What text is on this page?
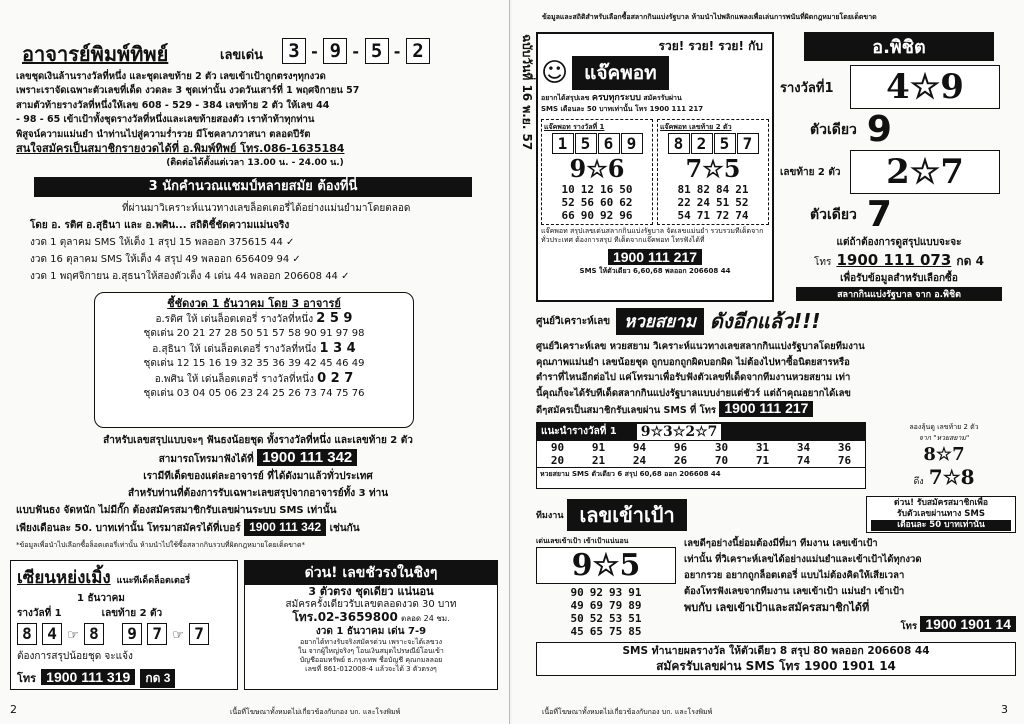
อาจารย์พิมพ์ทิพย์	เลขเด่น	3 - 9 - 5 - 2
เลขชุดเงินล้านรางวัลที่หนึ่ง และชุดเลขท้าย 2 ตัว เลขเข้าเป้าถูกตรงๆทุกงวด
เพราะเราจัดเฉพาะตัวเลขที่เด็ด งวดละ 3 ชุดเท่านั้น งวดวันเสาร์ที่ 1 พฤศจิกายน 57
สามตัวท้ายรางวัลที่หนึ่งให้เลข 608 - 529 - 384 เลขท้าย 2 ตัว ให้เลข 44
- 98 - 65 เข้าเป้าทั้งชุดรางวัลที่หนึ่งและเลขท้ายสองตัว เราท้าท้าทุกท่าน
พิสูจน์ความแม่นยำ นำท่านไปสู่ความร่ำรวย มีโชคลาภวาสนา ตลอดปีรัต
สนใจสมัครเป็นสมาชิกรายงวดได้ที่ อ.พิมพ์ทิพย์ โทร.086-1635184
(ติดต่อได้ตั้งแต่เวลา 13.00 น. - 24.00 น.)
3 นักคำนวณแชมป์หลายสมัย ต้องที่นี่
ที่ผ่านมาวิเคราะห์แนวทางเลขล็อตเตอรี่ได้อย่างแม่นยำมาโดยตลอด
โดย อ. รติศ อ.สุธินา และ อ.พศิน... สถิติชี้ชัดความแม่นจริง
งวด 1 ตุลาคม SMS ให้เต็ง 1 สรุป 15 พลออก 375615 44 ✓
งวด 16 ตุลาคม SMS ให้เต็ง 4 สรุป 49 พลออก 656409 94 ✓
งวด 1 พฤศจิกายน อ.สุธนาให้สองตัวเต็ง 4 เด่น 44 พลออก 206608 44 ✓
ชี้ชัดงวด 1 ธันวาคม โดย 3 อาจารย์
อ.รติศ ให้ เด่นล็อตเตอรี่ รางวัลที่หนึ่ง 2 5 9
ชุดเด่น 20 21 27 28 50 51 57 58 90 91 97 98
อ.สุธินา ให้ เด่นล็อตเตอรี่ รางวัลที่หนึ่ง 1 3 4
ชุดเด่น 12 15 16 19 32 35 36 39 42 45 46 49
อ.พศิน ให้ เด่นล็อตเตอรี่ รางวัลที่หนึ่ง 0 2 7
ชุดเด่น 03 04 05 06 23 24 25 26 73 74 75 76
สำหรับเลขสรุปแบบจะๆ ฟันธงน้อยชุด ทั้งรางวัลที่หนึ่ง และเลขท้าย 2 ตัว
สามารถโทรมาฟังได้ที่ 1900 111 342
เรามีทีเด็ดของแต่ละอาจารย์ ที่ได้ดังมาแล้วทั่วประเทศ
สำหรับท่านที่ต้องการรับเฉพาะเลขสรุปจากอาจารย์ทั้ง 3 ท่าน
แบบฟันธง จัดหนัก ไม่มีกั๊ก ต้องสมัครสมาชิกรับเลขผ่านระบบ SMS เท่านั้น
เพียงเดือนละ 50. บาทเท่านั้น โทรมาสมัครได้ที่เบอร์ 1900 111 342 เช่นกัน
*ข้อมูลเพื่อนำไปเลือกซื้อล็อตเตอรี่เท่านั้น ห้ามนำไปใช้ซื้อสลากกินรวบที่ผิดกฎหมายโดยเด็ดขาด*
เซียนหย่งเมิ้ง แนะทีเด็ดล็อตเตอรี่
1 ธันวาคม
รางวัลที่ 1	เลขท้าย 2 ตัว
8 4 ☞ 8 9 7 ☞ 7
ต้องการสรุปน้อยชุด จะแจ้ง
โทร 1900 111 319 กด 3
ด่วน! เลขชัวรงในชิงๆ
3 ตัวตรง ชุดเดียว แน่นอน
สมัครครั้งเดียวรับเลขตลอดงวด 30 บาท
โทร.02-3659800 ตลอด 24 ชม.
งวด 1 ธันวาคม เด่น 7-9
อยากได้ทางรับจริงสมัครด่วน เพราะจะได้เลขวง
ใน จากผู้ใหญ่จริงๆ โอนเงินสมุดไปรษณีย์โอนเข้า
บัญชีออมทรัพย์ ธ.กรุงเทพ ชื่อบัญชี คุณกมลลอย
เลขที่ 861-012008-4 แล้วจะได้ 3 ตัวตรงๆ
2	เนื้อที่โฆษณาทั้งหมดไม่เกี่ยวข้องกับกอง บก. และโรงพิมพ์
ข้อมูลและสถิติสำหรับเลือกซื้อสลากกินแบ่งรัฐบาล ห้ามนำไปพลิกแพลงเพื่อเล่นการพนันที่ผิดกฎหมายโดยเด็ดขาด
ฉบับวันที่ 16 พ.ย. 57	รวย! รวย! รวย! กับ
☺ แจ๊คพอท
อยากได้สรุปเลข ครบทุกระบบ สมัครรับผ่าน
SMS เดือนละ 50 บาทเท่านั้น โทร 1900 111 217
แจ๊คพอท รางวัลที่ 1
1 5 6 9
9☆6
10	12	16	50
52	56	60	62
66	90	92	96
แจ๊คพอท เลขท้าย 2 ตัว
8 2 5 7
7☆5
81	82	84	21
22	24	51	52
54	71	72	74
แจ๊คพอท สรุปเลขเด่นสลากกินแบ่งรัฐบาล จัดเลขแม่นยำ รวบรวมทีเด็ดจากทั่วประเทศ ต้องการสรุป ทีเด็ดจากแจ๊คพอท โทรฟังได้ที่
1900 111 217
SMS ให้ตัวเดียว 6,60,68 พลออก 206608 44
อ.พิชิต
รางวัลที่1	4☆9
ตัวเดียว 9
เลขท้าย 2 ตัว	2☆7
ตัวเดียว 7
แต่ถ้าต้องการดูสรุปแบบจะจะ
โทร 1900 111 073 กด 4
เพื่อรับข้อมูลสำหรับเลือกซื้อ
สลากกินแบ่งรัฐบาล จาก อ.พิชิต
ศูนย์วิเคราะห์เลข หวยสยาม ดังอีกแล้ว!!!
ศูนย์วิเคราะห์เลข หวยสยาม วิเคราะห์แนวทางเลขสลากกินแบ่งรัฐบาลโดยทีมงาน
คุณภาพแม่นยำ เลขน้อยชุด ถูกบอกถูกผิดบอกผิด ไม่ต้องไปหาซื้อนิตยสารหรือ
ตำราที่ไหนอีกต่อไป แค่โทรมาเพื่อรับฟังตัวเลขที่เด็ดจากทีมงานหวยสยาม เท่า
นี้คุณก็จะได้รับทีเด็ดสลากกินแบ่งรัฐบาลแบบง่ายแต่ชัวร์ แต่ถ้าคุณอยากได้เลข
ดีๆสมัครเป็นสมาชิกรับเลขผ่าน SMS ที่ โทร 1900 111 217
แนะนำรางวัลที่ 1 9☆3☆2☆7
90	91	94	96	30	31	34	36
20	21	24	26	70	71	74	76
หวยสยาม SMS ตัวเดียว 6 สรุป 60,68 ออก 206608 44
ลองลุ้นดู เลขท้าย 2 ตัว
จาก "หวยสยาม"
8☆7
ดึง 7☆8
ทีมงาน เลขเข้าเป้า	ด่วน! รับสมัครสมาชิกเพื่อ
รับตัวเลขผ่านทาง SMS
เดือนละ 50 บาทเท่านั้น
เด่นเลขเข้าเป้า เข้าเป้าแน่นอน
9☆5
90	92	93	91
49	69	79	89
50	52	53	51
45	65	75	85
เลขดีๆอย่างนี้ย่อมต้องมีที่มา ทีมงาน เลขเข้าเป้า
เท่านั้น ที่วิเคราะห์เลขได้อย่างแม่นยำและเข้าเป้าได้ทุกงวด
อยากรวย อยากถูกล็อตเตอรี่ แบบไม่ต้องคิดให้เสียเวลา
ต้องโทรฟังเลขจากทีมงาน เลขเข้าเป้า แม่นยำ เข้าเป้า
พบกับ เลขเข้าเป้าและสมัครสมาชิกได้ที่
โทร 1900 1901 14
SMS ทำนายผลรางวัล ให้ตัวเดียว 8 สรุป 80 พลออก 206608 44
สมัครรับเลขผ่าน SMS โทร 1900 1901 14
3
เนื้อที่โฆษณาทั้งหมดไม่เกี่ยวข้องกับกอง บก. และโรงพิมพ์
